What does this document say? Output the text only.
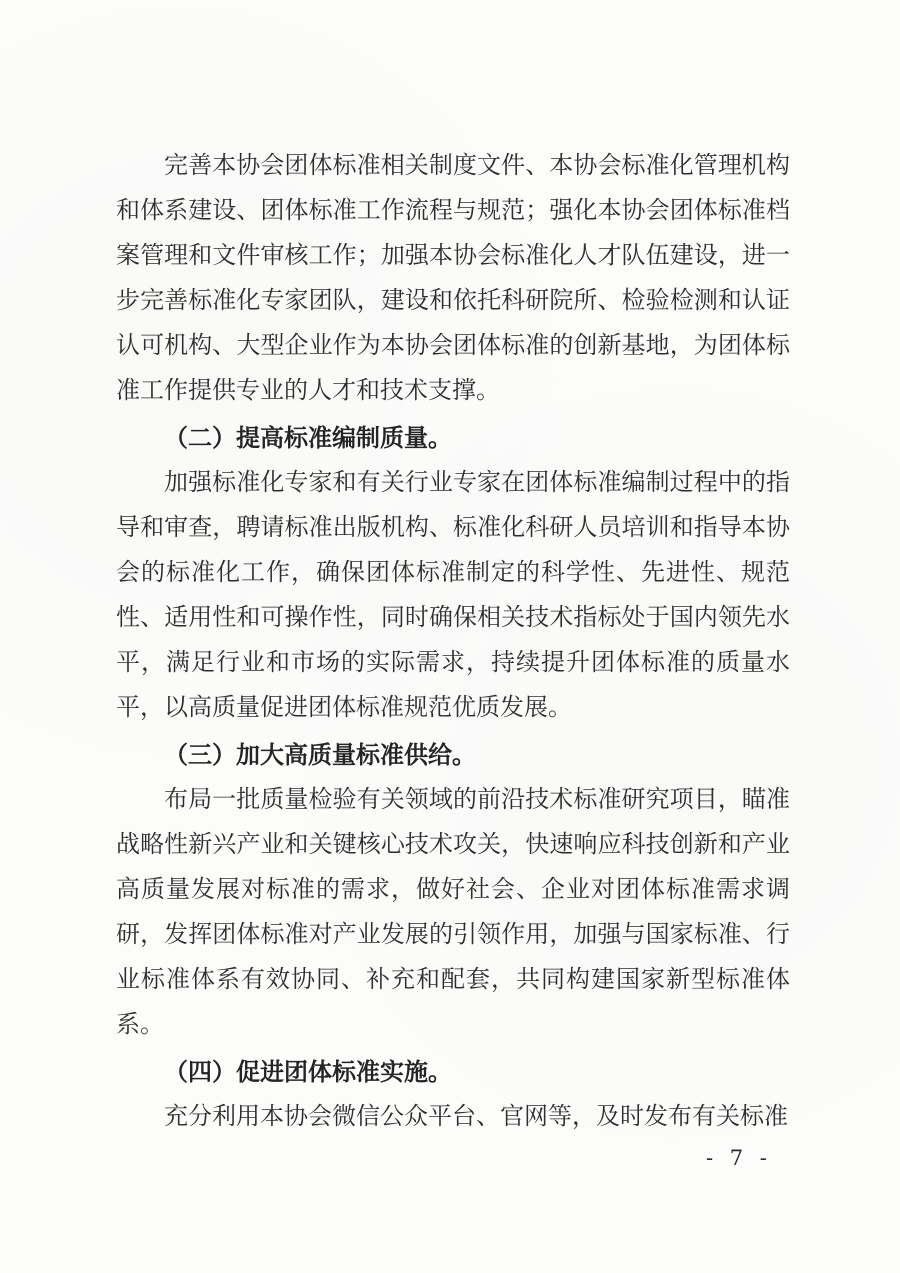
完善本协会团体标准相关制度文件、本协会标准化管理机构和体系建设、团体标准工作流程与规范；强化本协会团体标准档案管理和文件审核工作；加强本协会标准化人才队伍建设，进一步完善标准化专家团队，建设和依托科研院所、检验检测和认证认可机构、大型企业作为本协会团体标准的创新基地，为团体标准工作提供专业的人才和技术支撑。

（二）提高标准编制质量。

加强标准化专家和有关行业专家在团体标准编制过程中的指导和审查，聘请标准出版机构、标准化科研人员培训和指导本协会的标准化工作，确保团体标准制定的科学性、先进性、规范性、适用性和可操作性，同时确保相关技术指标处于国内领先水平，满足行业和市场的实际需求，持续提升团体标准的质量水平，以高质量促进团体标准规范优质发展。

（三）加大高质量标准供给。

布局一批质量检验有关领域的前沿技术标准研究项目，瞄准战略性新兴产业和关键核心技术攻关，快速响应科技创新和产业高质量发展对标准的需求，做好社会、企业对团体标准需求调研，发挥团体标准对产业发展的引领作用，加强与国家标准、行业标准体系有效协同、补充和配套，共同构建国家新型标准体系。

（四）促进团体标准实施。

充分利用本协会微信公众平台、官网等，及时发布有关标准

- 7 -
